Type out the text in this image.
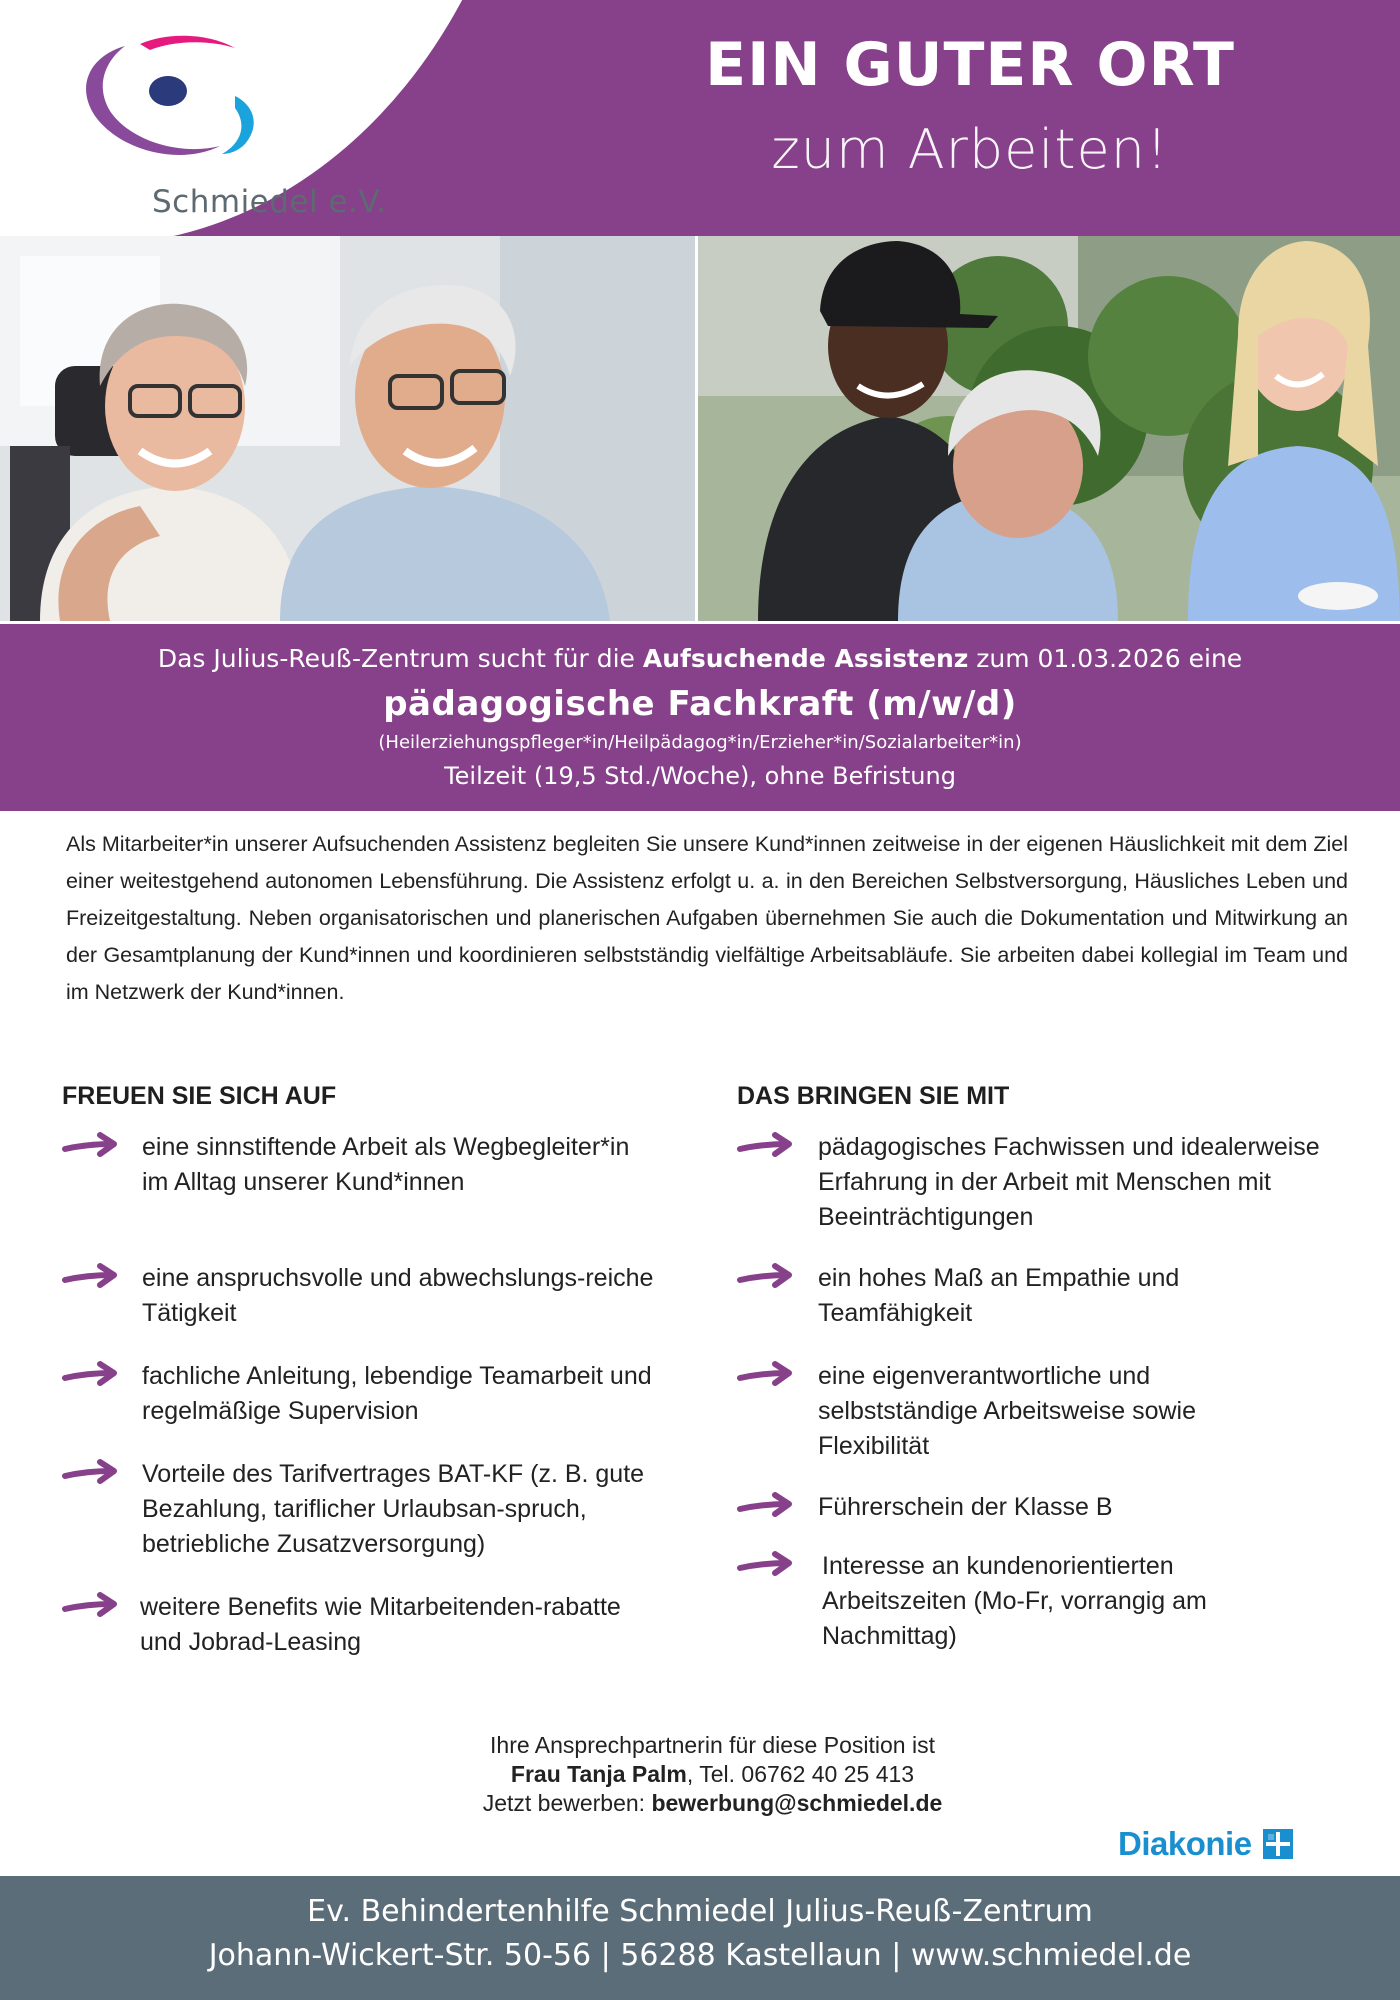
Schmiedel e.V.
EIN GUTER ORT
zum Arbeiten!
Das Julius-Reuß-Zentrum sucht für die Aufsuchende Assistenz zum 01.03.2026 eine
pädagogische Fachkraft (m/w/d)
(Heilerziehungspfleger*in/Heilpädagog*in/Erzieher*in/Sozialarbeiter*in)
Teilzeit (19,5 Std./Woche), ohne Befristung
Als Mitarbeiter*in unserer Aufsuchenden Assistenz begleiten Sie unsere Kund*innen zeitweise in der eigenen Häuslichkeit mit dem Ziel einer weitestgehend autonomen Lebensführung. Die Assistenz erfolgt u. a. in den Bereichen Selbstversorgung, Häusliches Leben und Freizeitgestaltung. Neben organisatorischen und planerischen Aufgaben übernehmen Sie auch die Dokumentation und Mitwirkung an der Gesamtplanung der Kund*innen und koordinieren selbstständig vielfältige Arbeitsabläufe. Sie arbeiten dabei kollegial im Team und im Netzwerk der Kund*innen.
FREUEN SIE SICH AUF
eine sinnstiftende Arbeit als Wegbegleiter*in im Alltag unserer Kund*innen
eine anspruchsvolle und abwechslungs-reiche Tätigkeit
fachliche Anleitung, lebendige Teamarbeit und regelmäßige Supervision
Vorteile des Tarifvertrages BAT-KF (z. B. gute Bezahlung, tariflicher Urlaubsan-spruch, betriebliche Zusatzversorgung)
weitere Benefits wie Mitarbeitenden-rabatte und Jobrad-Leasing
DAS BRINGEN SIE MIT
pädagogisches Fachwissen und idealerweise Erfahrung in der Arbeit mit Menschen mit Beeinträchtigungen
ein hohes Maß an Empathie und Teamfähigkeit
eine eigenverantwortliche und selbstständige Arbeitsweise sowie Flexibilität
Führerschein der Klasse B
Interesse an kundenorientierten Arbeitszeiten (Mo-Fr, vorrangig am Nachmittag)
Ihre Ansprechpartnerin für diese Position ist
Frau Tanja Palm, Tel. 06762 40 25 413
Jetzt bewerben: bewerbung@schmiedel.de
Diakonie
Ev. Behindertenhilfe Schmiedel Julius-Reuß-Zentrum
Johann-Wickert-Str. 50-56 | 56288 Kastellaun | www.schmiedel.de
